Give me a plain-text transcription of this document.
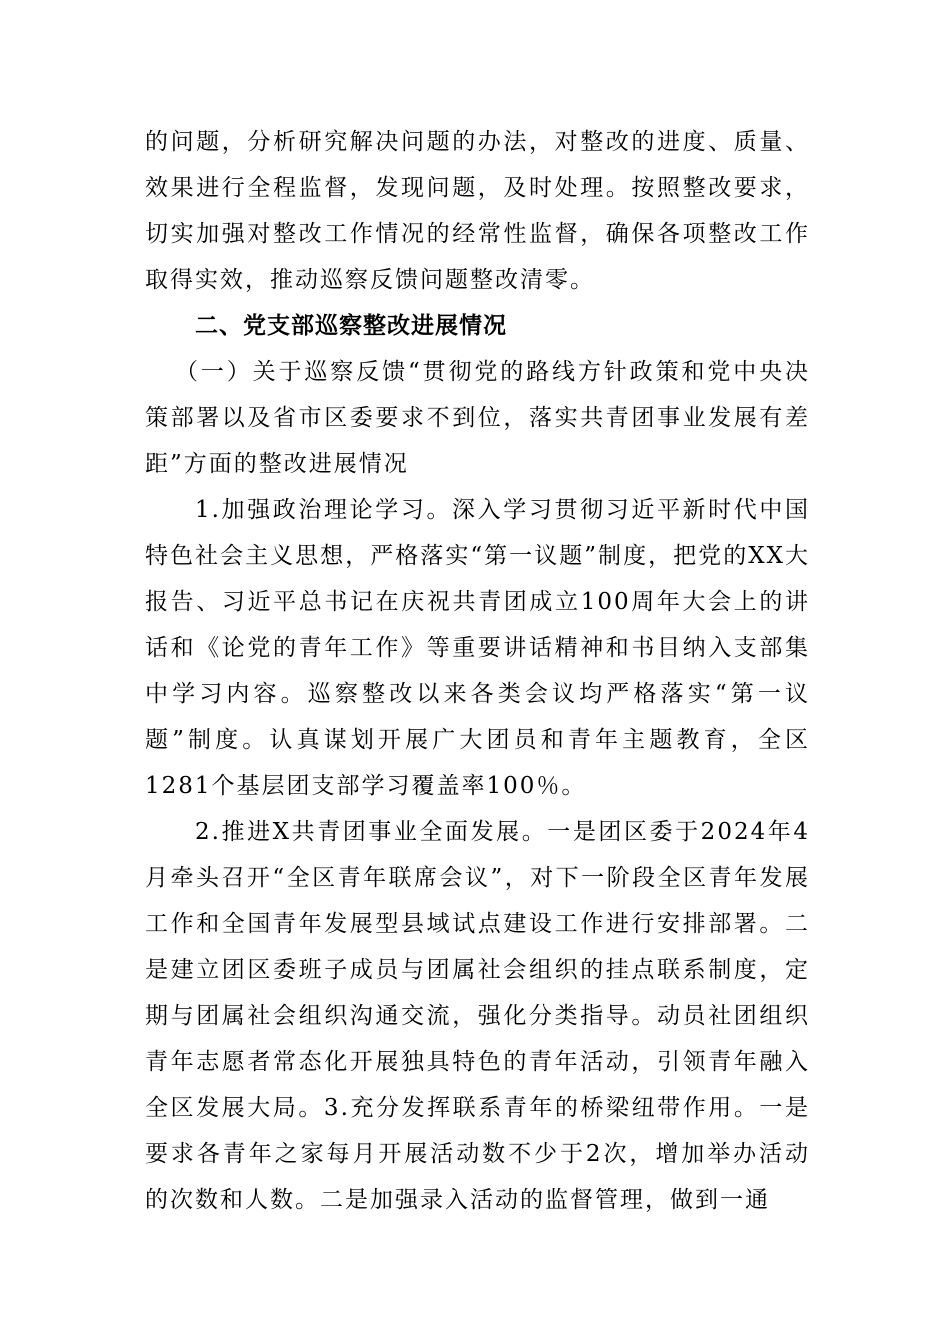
的问题，分析研究解决问题的办法，对整改的进度、质量、效果进行全程监督，发现问题，及时处理。按照整改要求，切实加强对整改工作情况的经常性监督，确保各项整改工作取得实效，推动巡察反馈问题整改清零。

二、党支部巡察整改进展情况

（一）关于巡察反馈“贯彻党的路线方针政策和党中央决策部署以及省市区委要求不到位，落实共青团事业发展有差距”方面的整改进展情况

1.加强政治理论学习。深入学习贯彻习近平新时代中国特色社会主义思想，严格落实“第一议题”制度，把党的XX大报告、习近平总书记在庆祝共青团成立100周年大会上的讲话和《论党的青年工作》等重要讲话精神和书目纳入支部集中学习内容。巡察整改以来各类会议均严格落实“第一议题”制度。认真谋划开展广大团员和青年主题教育，全区1281个基层团支部学习覆盖率100％。

2.推进X共青团事业全面发展。一是团区委于2024年4月牵头召开“全区青年联席会议”，对下一阶段全区青年发展工作和全国青年发展型县域试点建设工作进行安排部署。二是建立团区委班子成员与团属社会组织的挂点联系制度，定期与团属社会组织沟通交流，强化分类指导。动员社团组织青年志愿者常态化开展独具特色的青年活动，引领青年融入全区发展大局。3.充分发挥联系青年的桥梁纽带作用。一是要求各青年之家每月开展活动数不少于2次，增加举办活动的次数和人数。二是加强录入活动的监督管理，做到一通
